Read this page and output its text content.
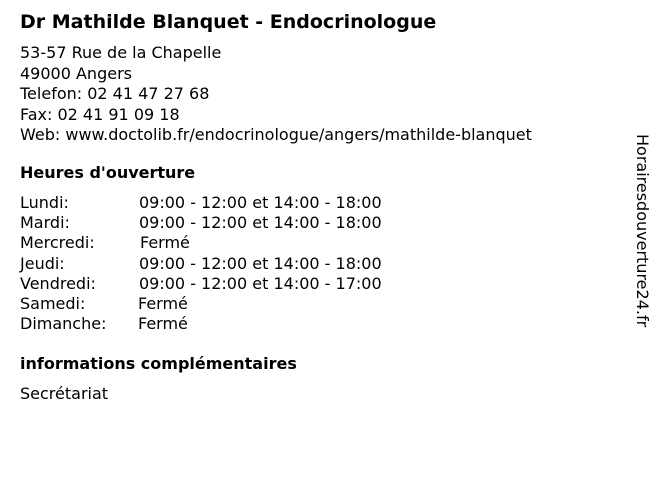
Dr Mathilde Blanquet - Endocrinologue
53-57 Rue de la Chapelle
49000 Angers
Telefon: 02 41 47 27 68
Fax: 02 41 91 09 18
Web: www.doctolib.fr/endocrinologue/angers/mathilde-blanquet
Heures d'ouverture
Lundi:	09:00 - 12:00 et 14:00 - 18:00
Mardi:	09:00 - 12:00 et 14:00 - 18:00
Mercredi:	Fermé
Jeudi:	09:00 - 12:00 et 14:00 - 18:00
Vendredi:	09:00 - 12:00 et 14:00 - 17:00
Samedi:	Fermé
Dimanche: Fermé
informations complémentaires
Secrétariat
Horairesdouverture24.fr
